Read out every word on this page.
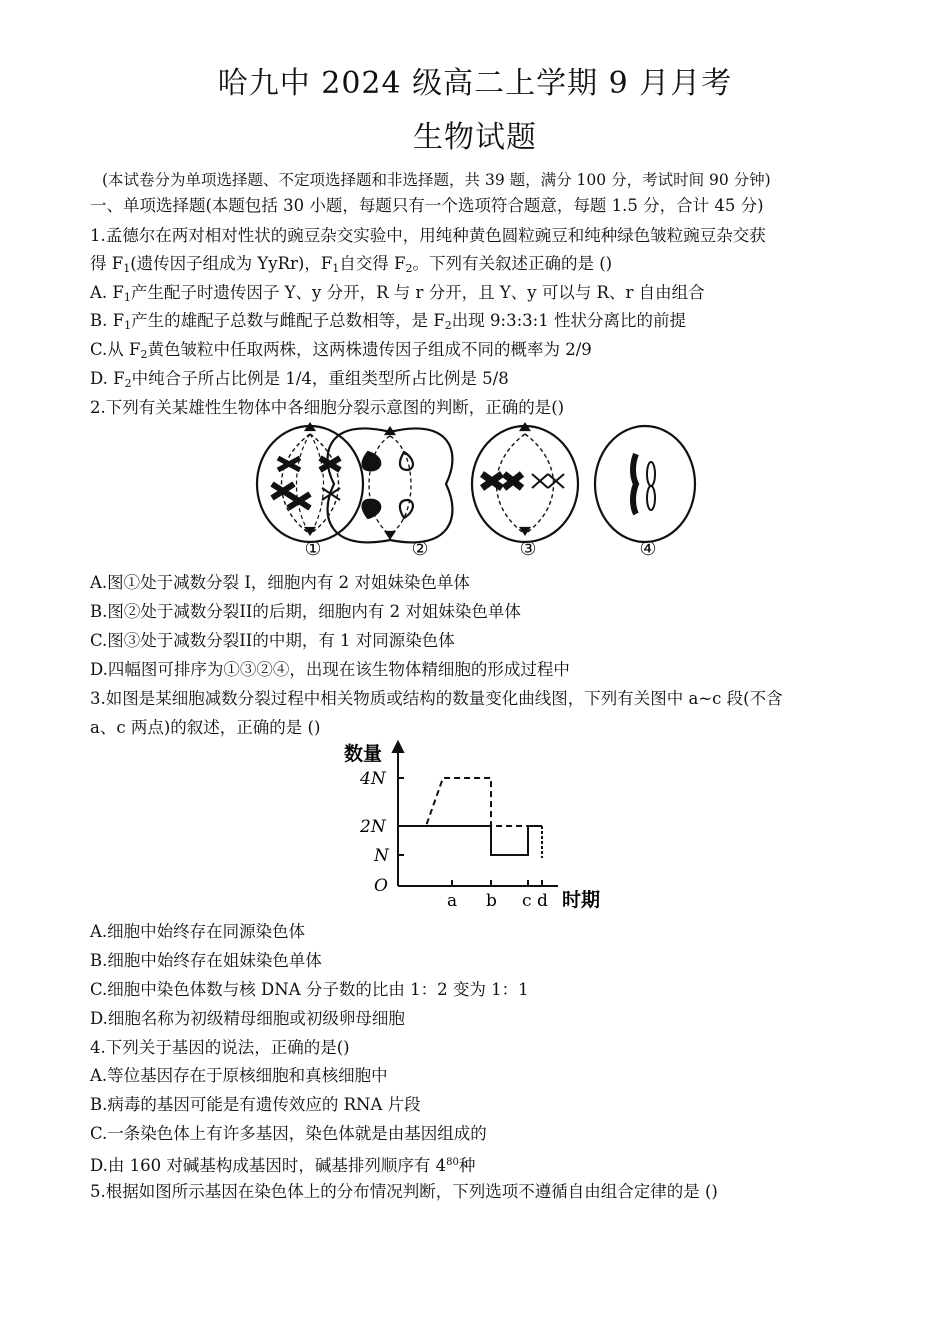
哈九中 2024 级高二上学期 9 月月考
生物试题
(本试卷分为单项选择题、不定项选择题和非选择题，共 39 题，满分 100 分，考试时间 90 分钟)
一、单项选择题(本题包括 30 小题，每题只有一个选项符合题意，每题 1.5 分，合计 45 分)
1.孟德尔在两对相对性状的豌豆杂交实验中，用纯种黄色圆粒豌豆和纯种绿色皱粒豌豆杂交获
得 $F_1$(遗传因子组成为 YyRr)，$F_1$自交得 $F_2$。下列有关叙述正确的是 ()
A. $F_1$产生配子时遗传因子 Y、y 分开，R 与 r 分开，且 Y、y 可以与 R、r 自由组合
B. $F_1$产生的雄配子总数与雌配子总数相等，是 $F_2$出现 9:3:3:1 性状分离比的前提
C.从 $F_2$黄色皱粒中任取两株，这两株遗传因子组成不同的概率为 2/9
D. $F_2$中纯合子所占比例是 1/4，重组类型所占比例是 5/8
2.下列有关某雄性生物体中各细胞分裂示意图的判断，正确的是()
①	②	③	④
A.图①处于减数分裂 I，细胞内有 2 对姐妹染色单体
B.图②处于减数分裂II的后期，细胞内有 2 对姐妹染色单体
C.图③处于减数分裂II的中期，有 1 对同源染色体
D.四幅图可排序为①③②④，出现在该生物体精细胞的形成过程中
3.如图是某细胞减数分裂过程中相关物质或结构的数量变化曲线图，下列有关图中 a~c 段(不含
a、c 两点)的叙述，正确的是 ()
数量
4N
2N
N
O
a b c d 时期
A.细胞中始终存在同源染色体
B.细胞中始终存在姐妹染色单体
C.细胞中染色体数与核 DNA 分子数的比由 1：2 变为 1：1
D.细胞名称为初级精母细胞或初级卵母细胞
4.下列关于基因的说法，正确的是()
A.等位基因存在于原核细胞和真核细胞中
B.病毒的基因可能是有遗传效应的 RNA 片段
C.一条染色体上有许多基因，染色体就是由基因组成的
D.由 160 对碱基构成基因时，碱基排列顺序有 $4^{80}$种
5.根据如图所示基因在染色体上的分布情况判断，下列选项不遵循自由组合定律的是 ()
